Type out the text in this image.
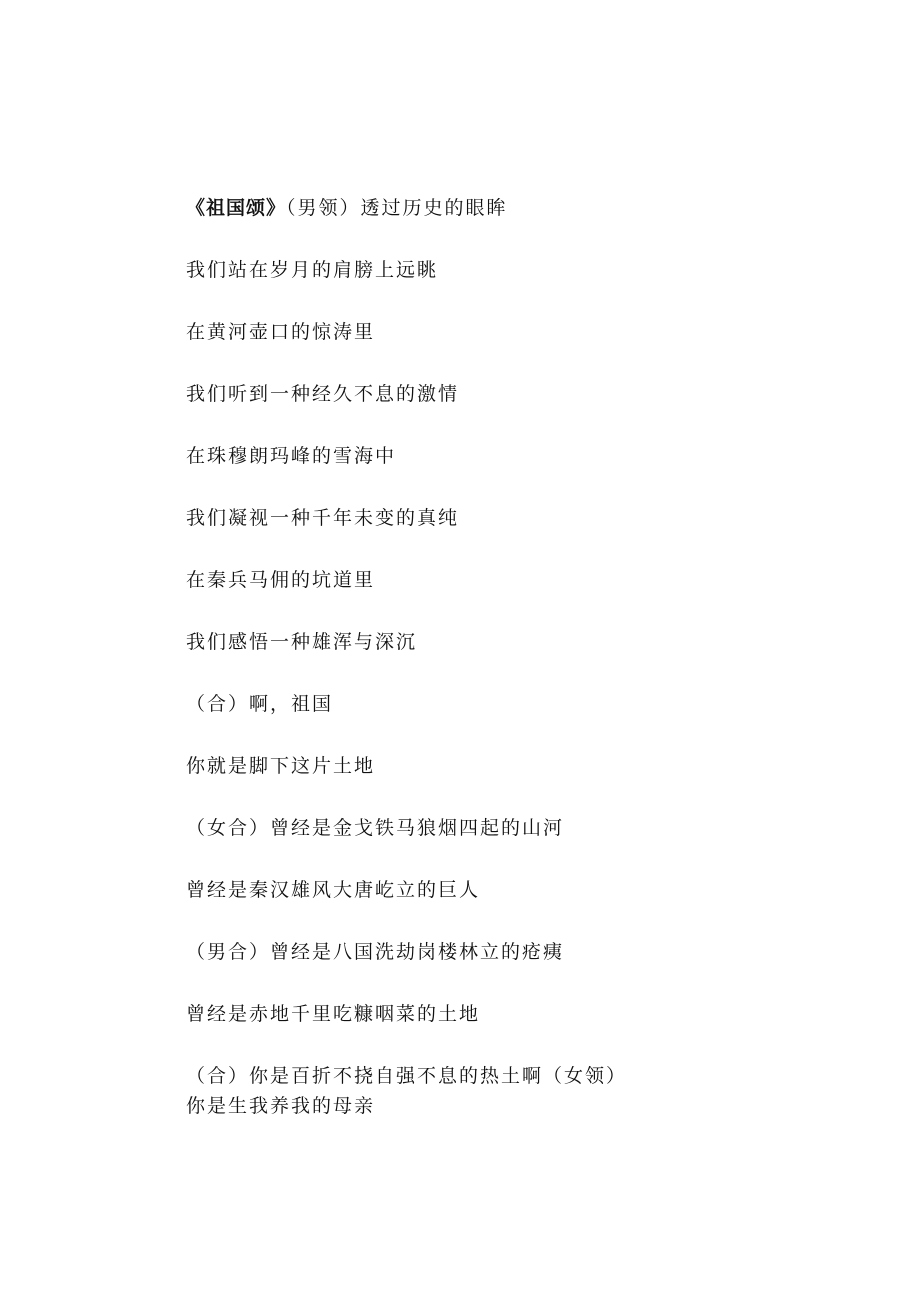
《祖国颂》（男领）透过历史的眼眸
我们站在岁月的肩膀上远眺
在黄河壶口的惊涛里
我们听到一种经久不息的激情
在珠穆朗玛峰的雪海中
我们凝视一种千年未变的真纯
在秦兵马佣的坑道里
我们感悟一种雄浑与深沉
（合）啊，祖国
你就是脚下这片土地
（女合）曾经是金戈铁马狼烟四起的山河
曾经是秦汉雄风大唐屹立的巨人
（男合）曾经是八国洗劫岗楼林立的疮痍
曾经是赤地千里吃糠咽菜的土地
（合）你是百折不挠自强不息的热土啊（女领）
你是生我养我的母亲
